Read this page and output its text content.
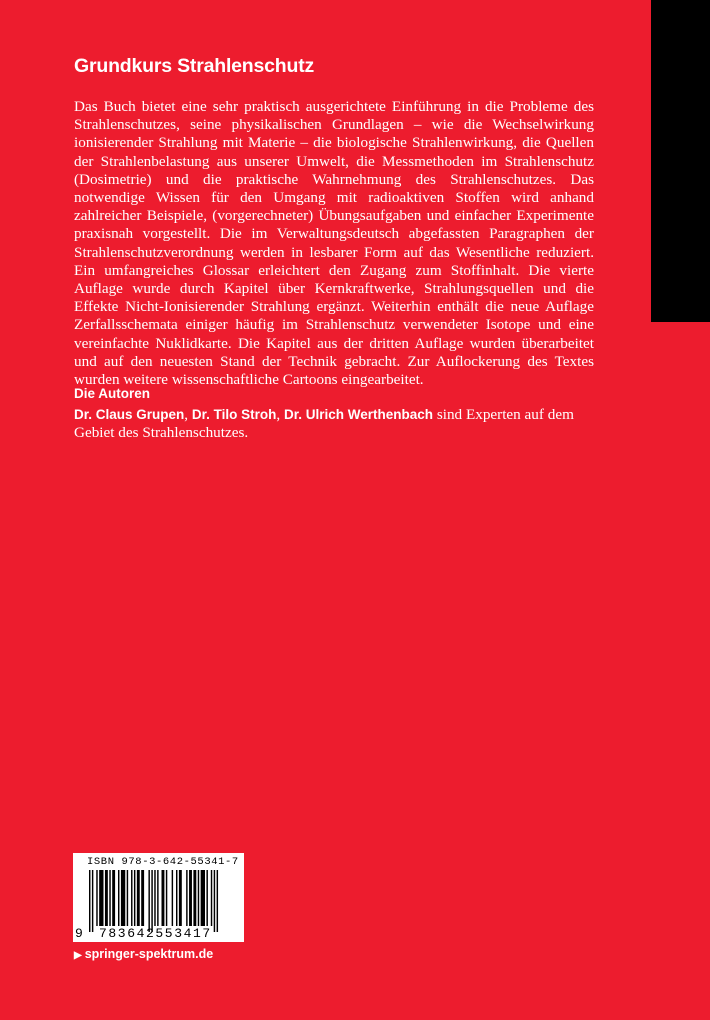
Grundkurs Strahlenschutz

Das Buch bietet eine sehr praktisch ausgerichtete Einführung in die Probleme des Strahlenschutzes, seine physikalischen Grundlagen – wie die Wechselwirkung ionisierender Strahlung mit Materie – die biologische Strahlenwirkung, die Quellen der Strahlenbelastung aus unserer Umwelt, die Messmethoden im Strahlenschutz (Dosimetrie) und die praktische Wahrnehmung des Strahlenschutzes. Das notwendige Wissen für den Umgang mit radioaktiven Stoffen wird anhand zahlreicher Beispiele, (vorgerechneter) Übungsaufgaben und einfacher Experimente praxisnah vorgestellt. Die im Verwaltungsdeutsch abgefassten Paragraphen der Strahlenschutzverordnung werden in lesbarer Form auf das Wesentliche reduziert. Ein umfangreiches Glossar erleichtert den Zugang zum Stoffinhalt. Die vierte Auflage wurde durch Kapitel über Kernkraftwerke, Strahlungsquellen und die Effekte Nicht-Ionisierender Strahlung ergänzt. Weiterhin enthält die neue Auflage Zerfallsschemata einiger häufig im Strahlenschutz verwendeter Isotope und eine vereinfachte Nuklidkarte. Die Kapitel aus der dritten Auflage wurden überarbeitet und auf den neuesten Stand der Technik gebracht. Zur Auflockerung des Textes wurden weitere wissenschaftliche Cartoons eingearbeitet.

Die Autoren

Dr. Claus Grupen, Dr. Tilo Stroh, Dr. Ulrich Werthenbach sind Experten auf dem Gebiet des Strahlenschutzes.

ISBN 978-3-642-55341-7

9 783642553417

▶ springer-spektrum.de
